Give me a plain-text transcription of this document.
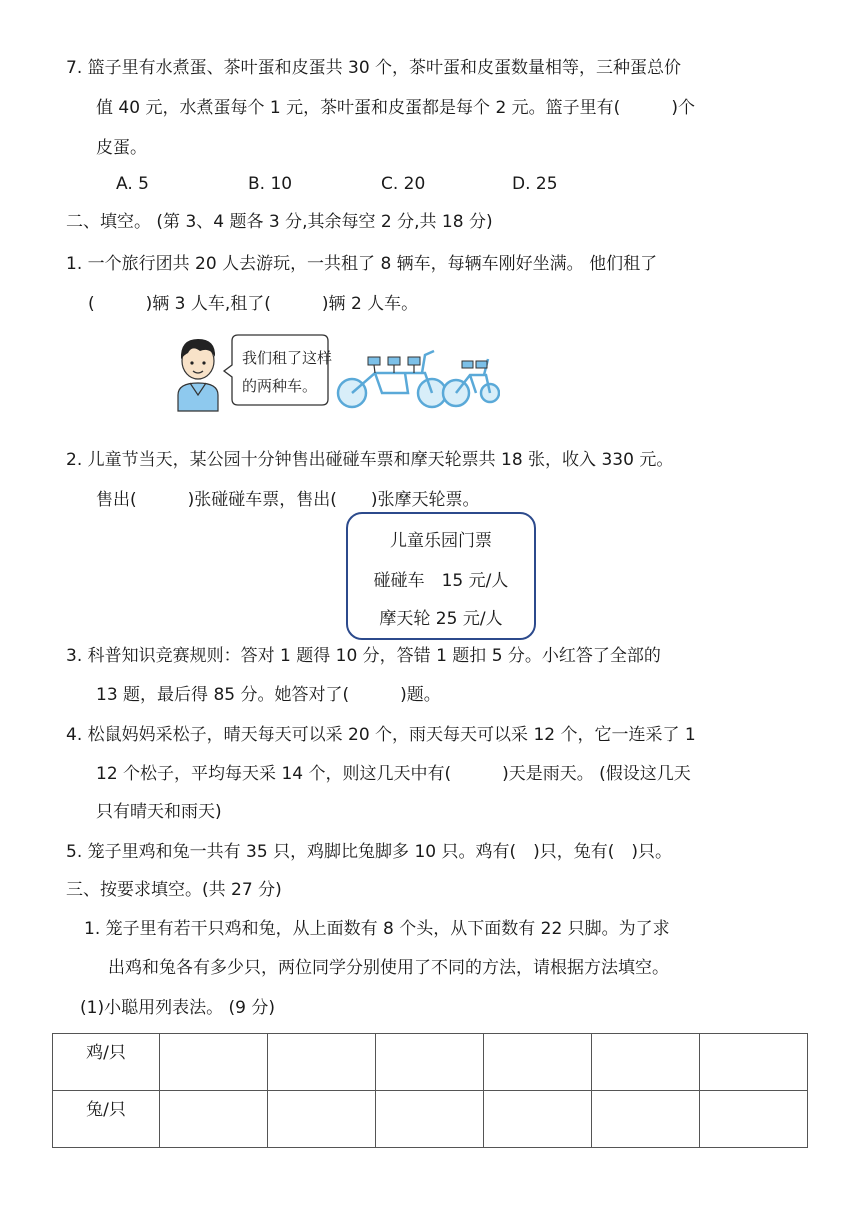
7. 篮子里有水煮蛋、茶叶蛋和皮蛋共 30 个，茶叶蛋和皮蛋数量相等，三种蛋总价
值 40 元，水煮蛋每个 1 元，茶叶蛋和皮蛋都是每个 2 元。篮子里有(　　　)个
皮蛋。
A. 5	B. 10	C. 20	D. 25
二、填空。 (第 3、4 题各 3 分,其余每空 2 分,共 18 分)
1. 一个旅行团共 20 人去游玩，一共租了 8 辆车，每辆车刚好坐满。 他们租了
(　　　)辆 3 人车,租了(　　　)辆 2 人车。
我们租了这样
的两种车。
2. 儿童节当天，某公园十分钟售出碰碰车票和摩天轮票共 18 张，收入 330 元。
售出(　　　)张碰碰车票，售出(　　)张摩天轮票。
儿童乐园门票
碰碰车　15 元/人
摩天轮 25 元/人
3. 科普知识竞赛规则：答对 1 题得 10 分，答错 1 题扣 5 分。小红答了全部的
13 题，最后得 85 分。她答对了(　　　)题。
4. 松鼠妈妈采松子，晴天每天可以采 20 个，雨天每天可以采 12 个，它一连采了 1
12 个松子，平均每天采 14 个，则这几天中有(　　　)天是雨天。 (假设这几天
只有晴天和雨天)
5. 笼子里鸡和兔一共有 35 只，鸡脚比兔脚多 10 只。鸡有(　)只，兔有(　)只。
三、按要求填空。(共 27 分)
1. 笼子里有若干只鸡和兔，从上面数有 8 个头，从下面数有 22 只脚。为了求
出鸡和兔各有多少只，两位同学分别使用了不同的方法，请根据方法填空。
(1)小聪用列表法。 (9 分)
鸡/只						
兔/只						
